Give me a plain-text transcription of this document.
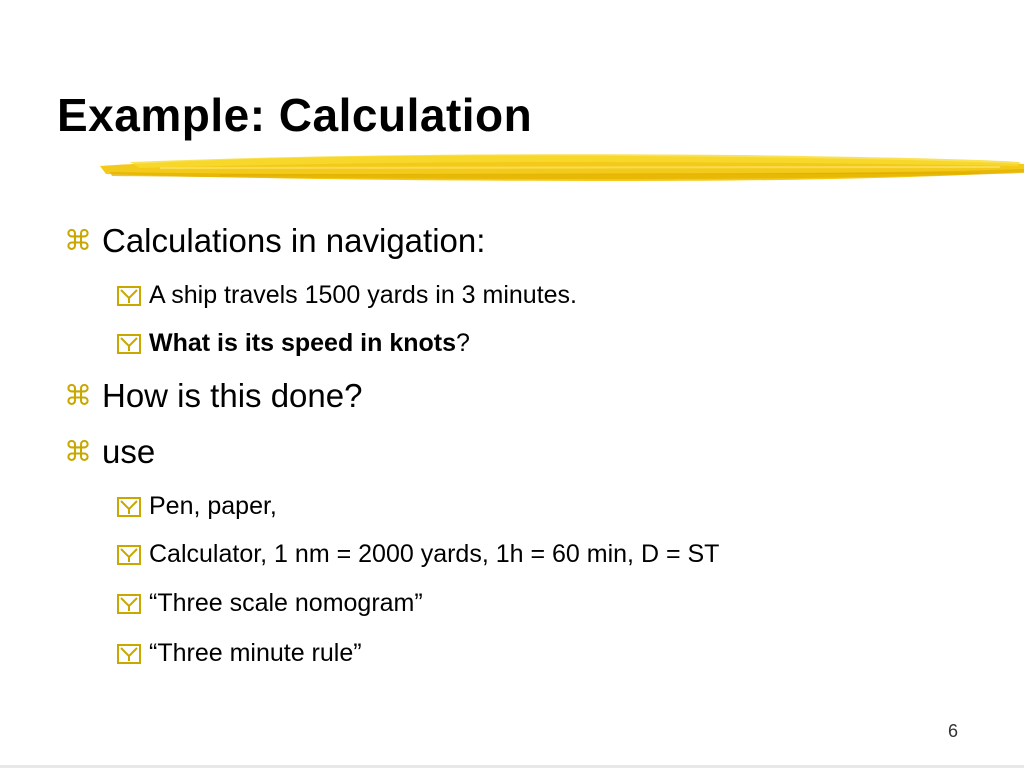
Example: Calculation
⌘ Calculations in navigation:
A ship travels 1500 yards in 3 minutes.
What is its speed in knots ?
⌘ How is this done?
⌘ use
Pen, paper,
Calculator, 1 nm = 2000 yards, 1h = 60 min, D = ST
“Three scale nomogram”
“Three minute rule”
6
